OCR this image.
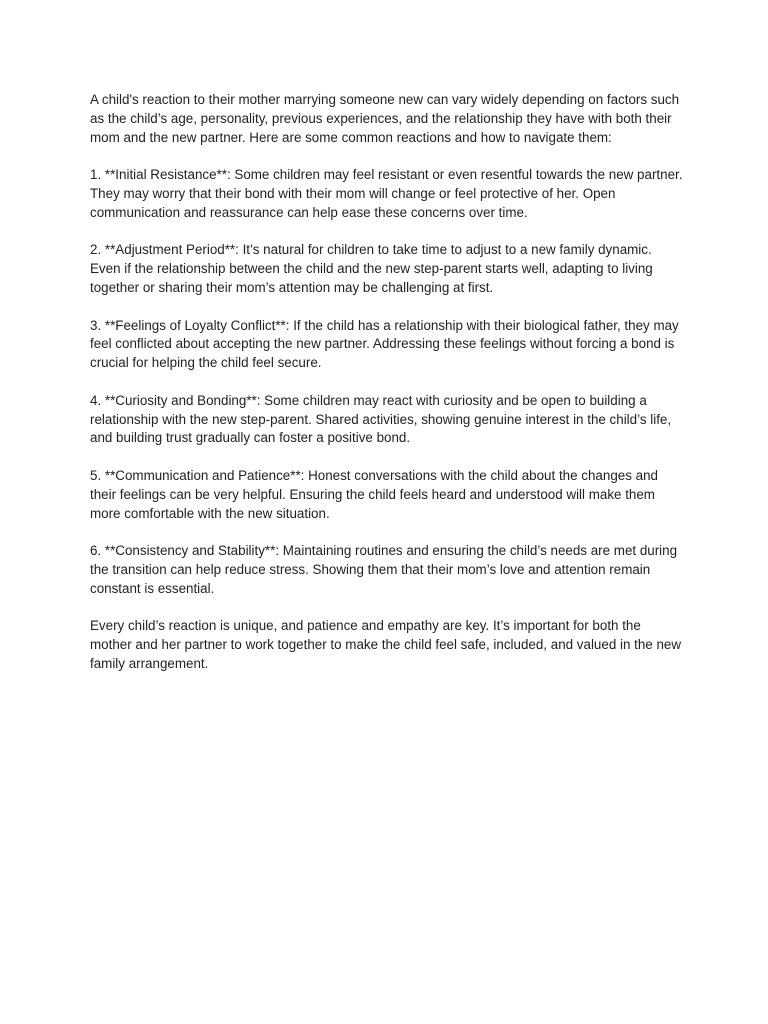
A child's reaction to their mother marrying someone new can vary widely depending on factors such as the child’s age, personality, previous experiences, and the relationship they have with both their mom and the new partner. Here are some common reactions and how to navigate them:

1. **Initial Resistance**: Some children may feel resistant or even resentful towards the new partner. They may worry that their bond with their mom will change or feel protective of her. Open communication and reassurance can help ease these concerns over time.

2. **Adjustment Period**: It’s natural for children to take time to adjust to a new family dynamic. Even if the relationship between the child and the new step-parent starts well, adapting to living together or sharing their mom’s attention may be challenging at first.

3. **Feelings of Loyalty Conflict**: If the child has a relationship with their biological father, they may feel conflicted about accepting the new partner. Addressing these feelings without forcing a bond is crucial for helping the child feel secure.

4. **Curiosity and Bonding**: Some children may react with curiosity and be open to building a relationship with the new step-parent. Shared activities, showing genuine interest in the child’s life, and building trust gradually can foster a positive bond.

5. **Communication and Patience**: Honest conversations with the child about the changes and their feelings can be very helpful. Ensuring the child feels heard and understood will make them more comfortable with the new situation.

6. **Consistency and Stability**: Maintaining routines and ensuring the child’s needs are met during the transition can help reduce stress. Showing them that their mom’s love and attention remain constant is essential.

Every child’s reaction is unique, and patience and empathy are key. It’s important for both the mother and her partner to work together to make the child feel safe, included, and valued in the new family arrangement.
